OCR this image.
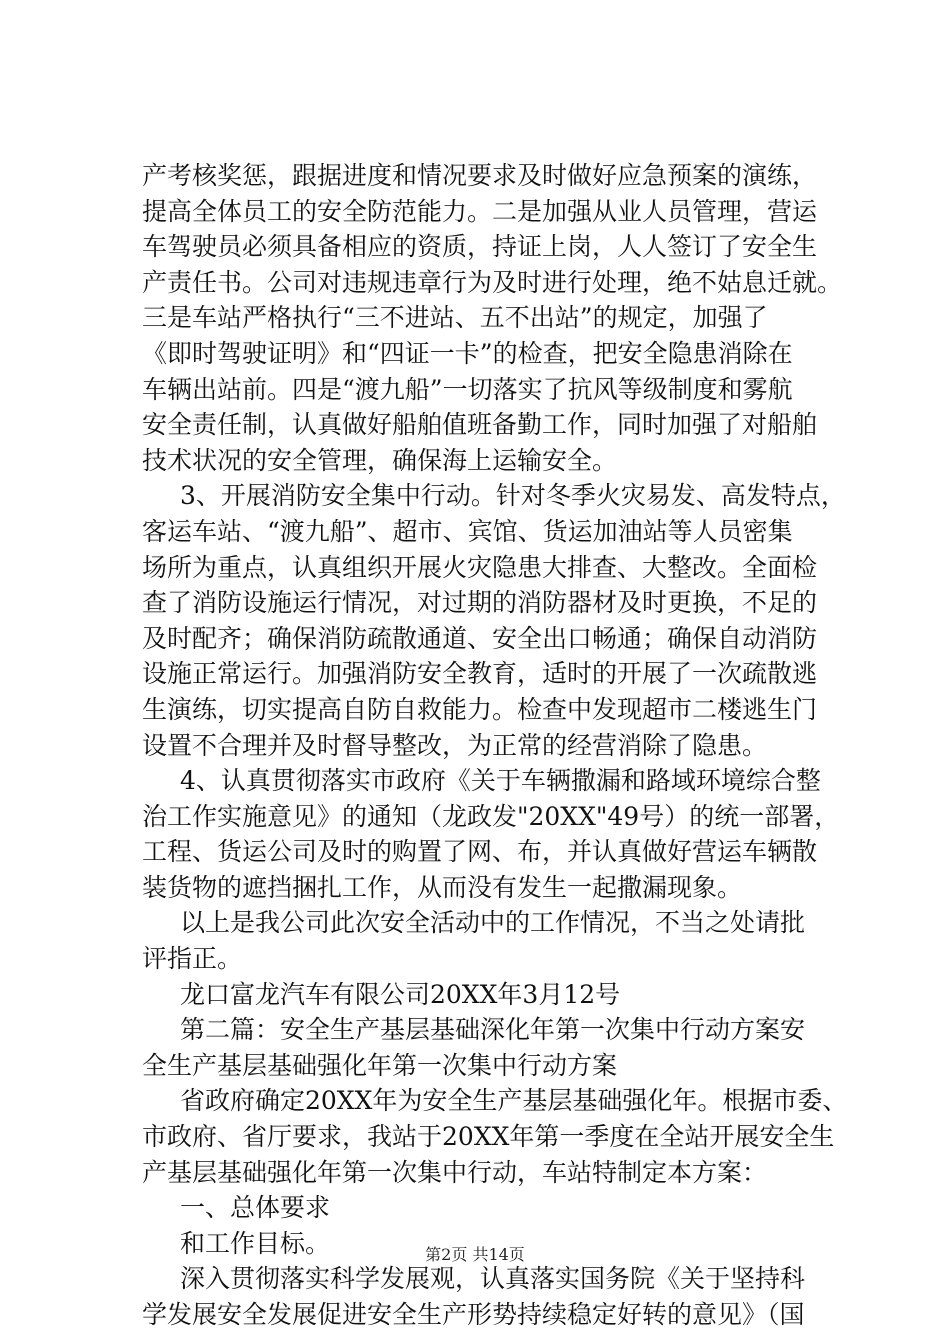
产考核奖惩，跟据进度和情况要求及时做好应急预案的演练，
提高全体员工的安全防范能力。二是加强从业人员管理，营运
车驾驶员必须具备相应的资质，持证上岗，人人签订了安全生
产责任书。公司对违规违章行为及时进行处理，绝不姑息迁就。
三是车站严格执行“三不进站、五不出站”的规定，加强了
《即时驾驶证明》和“四证一卡”的检查，把安全隐患消除在
车辆出站前。四是“渡九船”一切落实了抗风等级制度和雾航
安全责任制，认真做好船舶值班备勤工作，同时加强了对船舶
技术状况的安全管理，确保海上运输安全。
3、开展消防安全集中行动。针对冬季火灾易发、高发特点，
客运车站、“渡九船”、超市、宾馆、货运加油站等人员密集
场所为重点，认真组织开展火灾隐患大排查、大整改。全面检
查了消防设施运行情况，对过期的消防器材及时更换，不足的
及时配齐；确保消防疏散通道、安全出口畅通；确保自动消防
设施正常运行。加强消防安全教育，适时的开展了一次疏散逃
生演练，切实提高自防自救能力。检查中发现超市二楼逃生门
设置不合理并及时督导整改，为正常的经营消除了隐患。
4、认真贯彻落实市政府《关于车辆撒漏和路域环境综合整
治工作实施意见》的通知（龙政发"20XX"49号）的统一部署，
工程、货运公司及时的购置了网、布，并认真做好营运车辆散
装货物的遮挡捆扎工作，从而没有发生一起撒漏现象。
以上是我公司此次安全活动中的工作情况，不当之处请批
评指正。
龙口富龙汽车有限公司20XX年3月12号
第二篇：安全生产基层基础深化年第一次集中行动方案安
全生产基层基础强化年第一次集中行动方案
省政府确定20XX年为安全生产基层基础强化年。根据市委、
市政府、省厅要求，我站于20XX年第一季度在全站开展安全生
产基层基础强化年第一次集中行动，车站特制定本方案：
一、总体要求
和工作目标。
深入贯彻落实科学发展观，认真落实国务院《关于坚持科
学发展安全发展促进安全生产形势持续稳定好转的意见》（国
第2页 共14页
